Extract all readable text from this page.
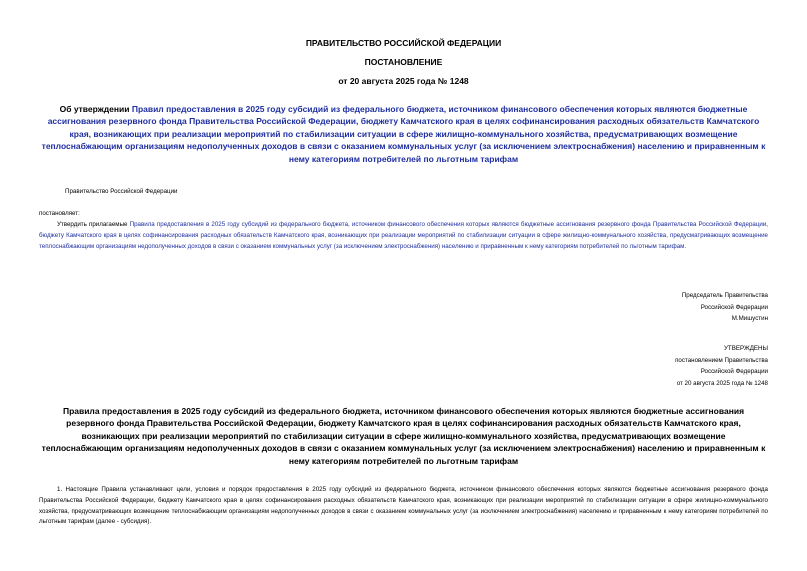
ПРАВИТЕЛЬСТВО РОССИЙСКОЙ ФЕДЕРАЦИИ
ПОСТАНОВЛЕНИЕ
от 20 августа 2025 года № 1248
Об утверждении Правил предоставления в 2025 году субсидий из федерального бюджета, источником финансового обеспечения которых являются бюджетные ассигнования резервного фонда Правительства Российской Федерации, бюджету Камчатского края в целях софинансирования расходных обязательств Камчатского края, возникающих при реализации мероприятий по стабилизации ситуации в сфере жилищно-коммунального хозяйства, предусматривающих возмещение теплоснабжающим организациям недополученных доходов в связи с оказанием коммунальных услуг (за исключением электроснабжения) населению и приравненным к нему категориям потребителей по льготным тарифам
Правительство Российской Федерации
постановляет:
Утвердить прилагаемые Правила предоставления в 2025 году субсидий из федерального бюджета, источником финансового обеспечения которых являются бюджетные ассигнования резервного фонда Правительства Российской Федерации, бюджету Камчатского края в целях софинансирования расходных обязательств Камчатского края, возникающих при реализации мероприятий по стабилизации ситуации в сфере жилищно-коммунального хозяйства, предусматривающих возмещение теплоснабжающим организациям недополученных доходов в связи с оказанием коммунальных услуг (за исключением электроснабжения) населению и приравненным к нему категориям потребителей по льготным тарифам.
Председатель Правительства
Российской Федерации
М.Мишустин
УТВЕРЖДЕНЫ
постановлением Правительства
Российской Федерации
от 20 августа 2025 года № 1248
Правила предоставления в 2025 году субсидий из федерального бюджета, источником финансового обеспечения которых являются бюджетные ассигнования резервного фонда Правительства Российской Федерации, бюджету Камчатского края в целях софинансирования расходных обязательств Камчатского края, возникающих при реализации мероприятий по стабилизации ситуации в сфере жилищно-коммунального хозяйства, предусматривающих возмещение теплоснабжающим организациям недополученных доходов в связи с оказанием коммунальных услуг (за исключением электроснабжения) населению и приравненным к нему категориям потребителей по льготным тарифам
1. Настоящие Правила устанавливают цели, условия и порядок предоставления в 2025 году субсидий из федерального бюджета, источником финансового обеспечения которых являются бюджетные ассигнования резервного фонда Правительства Российской Федерации, бюджету Камчатского края в целях софинансирования расходных обязательств Камчатского края, возникающих при реализации мероприятий по стабилизации ситуации в сфере жилищно-коммунального хозяйства, предусматривающих возмещение теплоснабжающим организациям недополученных доходов в связи с оказанием коммунальных услуг (за исключением электроснабжения) населению и приравненным к нему категориям потребителей по льготным тарифам (далее - субсидия).
